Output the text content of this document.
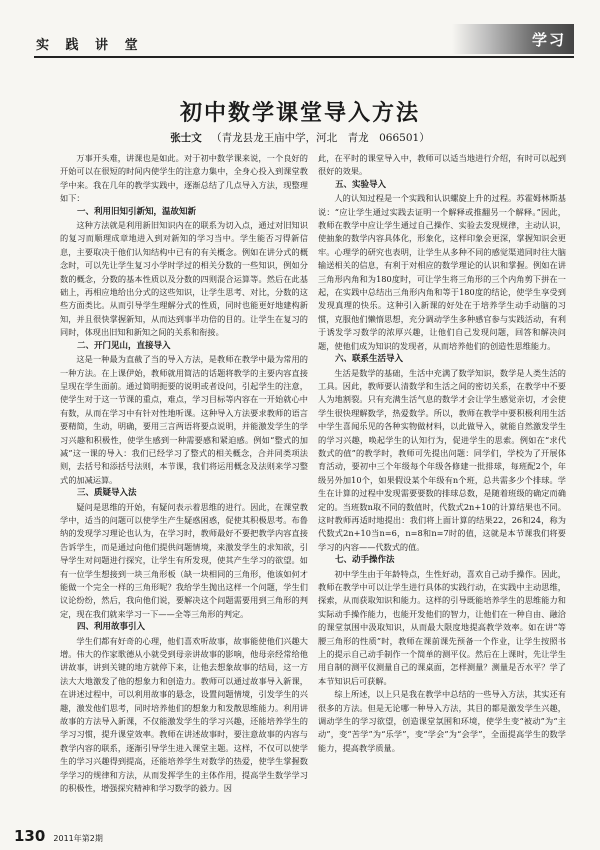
实 践 讲 堂	学习
初中数学课堂导入方法
张士文 （青龙县龙王庙中学，河北　青龙　066501）

万事开头难，讲课也是如此。对于初中数学课来说，一个良好的开始可以在很短的时间内使学生的注意力集中，全身心投入到课堂教学中来。我在几年的教学实践中，逐渐总结了几点导入方法，现整理如下：

一、利用旧知引新知，温故知新

这种方法就是利用新旧知识内在的联系为切入点，通过对旧知识的复习而顺理成章地进入到对新知的学习当中。学生能否习得新信息，主要取决于他们认知结构中已有的有关概念。例如在讲分式的概念时，可以先让学生复习小学时学过的相关分数的一些知识，例如分数的概念，分数的基本性质以及分数的四则混合运算等。然后在此基础上，再相应地给出分式的这些知识，让学生思考、对比，分数的这些方面类比。从而引导学生理解分式的性质，同时也能更好地建构新知，并且很快掌握新知，从而达到事半功倍的目的。让学生在复习的同时，体现出旧知和新知之间的关系和衔接。

二、开门见山，直接导入

这是一种最为直截了当的导入方法，是教师在教学中最为常用的一种方法。在上课伊始，教师就用简洁的话题将教学的主要内容直接呈现在学生面前。通过简明扼要的说明或者设问，引起学生的注意，使学生对于这一节课的重点，难点，学习目标等内容在一开始就心中有数，从而在学习中有针对性地听课。这种导入方法要求教师的语言要精简，生动，明确，要用三言两语将要点说明，并能激发学生的学习兴趣和积极性，使学生感到一种需要感和紧迫感。例如“整式的加减”这一课的导入：我们已经学习了整式的相关概念，合并同类项法则，去括号和添括号法则，本节课，我们将运用概念及法则来学习整式的加减运算。

三、质疑导入法

疑问是思维的开始，有疑问表示着思维的进行。因此，在课堂教学中，适当的问题可以使学生产生疑惑困惑，促使其积极思考。布鲁纳的发现学习理论也认为，在学习时，教师最好不要把教学内容直接告诉学生，而是通过向他们提供问题情境，来激发学生的求知欲，引导学生对问题进行探究，让学生有所发现，使其产生学习的欲望。如有一位学生想接到一块三角形板（缺一块相同的三角形，他该如何才能做一个完全一样的三角形呢？我给学生抛出这样一个问题，学生们议论纷纷，然后，我向他们说，要解决这个问题需要用到三角形的判定，现在我们就来学习一下——全等三角形的判定。

四、利用故事引入

学生们都有好奇的心理，他们喜欢听故事，故事能使他们兴趣大增。伟大的作家歌德从小就受到母亲讲故事的影响，他母亲经常给他讲故事，讲到关键的地方就停下来，让他去想象故事的结局，这一方法大大地激发了他的想象力和创造力。教师可以通过故事导入新课，在讲述过程中，可以利用故事的悬念，设置问题情境，引发学生的兴趣，激发他们思考，同时培养他们的想象力和发散思维能力。利用讲故事的方法导入新课，不仅能激发学生的学习兴趣，还能培养学生的学习习惯，提升课堂效率。教师在讲述故事时，要注意故事的内容与教学内容的联系，逐渐引导学生进入课堂主题。这样，不仅可以使学生的学习兴趣得到提高，还能培养学生对数学的热爱，使学生掌握数学学习的规律和方法，从而发挥学生的主体作用，提高学生数学学习的积极性，增强探究精神和学习数学的毅力。因

此，在平时的课堂导入中，教师可以适当地进行介绍，有时可以起到很好的效果。

五、实验导入

人的认知过程是一个实践和认识螺旋上升的过程。苏霍姆林斯基说：“应让学生通过实践去证明一个解释或推翻另一个解释。”因此，教师在教学中应让学生通过自己操作、实验去发现规律，主动认识，使抽象的数学内容具体化，形象化，这样印象会更深，掌握知识会更牢。心理学的研究也表明，让学生从多种不同的感觉渠道同时往大脑输送相关的信息，有利于对相应的数学理论的认识和掌握。例如在讲三角形内角和为180度时，可让学生将三角形的三个内角剪下拼在一起，在实践中总结出三角形内角和等于180度的结论，使学生享受到发现真理的快乐。这种引入新课的好处在于培养学生动手动脑的习惯，克服他们懒惰思想，充分调动学生多种感官参与实践活动，有利于诱发学习数学的浓厚兴趣，让他们自己发现问题，回答和解决问题，使他们成为知识的发现者，从而培养他们的创造性思维能力。

六、联系生活导入

生活是数学的基础，生活中充满了数学知识，数学是人类生活的工具。因此，教师要认清数学和生活之间的密切关系，在教学中不要人为地割裂。只有充满生活气息的数学才会让学生感觉亲切，才会使学生很快理解数学，热爱数学。所以，教师在教学中要积极利用生活中学生喜闻乐见的各种实物做材料，以此做导入，就能自然激发学生的学习兴趣，唤起学生的认知行为，促进学生的思索。例如在“求代数式的值”的教学时，教师可先提出问题：同学们，学校为了开展体育活动，要初中三个年级每个年级各修建一批排球，每班配2个，年级另外加10个，如果假设某个年级有n个班，总共需多少个排球。学生在计算的过程中发现需要要数的排球总数，是随着班级的确定而确定的。当班数n取不同的数值时，代数式2n+10的计算结果也不同。这时教师再适时地提出：我们将上面计算的结果22，26和24，称为代数式2n+10当n=6，n=8和n=7时的值，这就是本节课我们将要学习的内容——代数式的值。

七、动手操作法

初中学生由于年龄特点，生性好动，喜欢自己动手操作。因此，教师在教学中可以让学生进行具体的实践行动，在实践中主动思维，探索，从而获取知识和能力。这样的引导既能培养学生的思维能力和实际动手操作能力，也能开发他们的智力，让他们在一种自由、融洽的课堂氛围中汲取知识，从而最大限度地提高教学效率。如在讲“等腰三角形的性质”时，教师在课前课先预备一个作业，让学生按照书上的提示自己动手制作一个简单的测平仪。然后在上课时，先让学生用自制的测平仪测量自己的课桌面，怎样测量？测量是否水平？学了本节知识后可获解。

综上所述，以上只是我在教学中总结的一些导入方法，其实还有很多的方法。但是无论哪一种导入方法，其目的都是激发学生兴趣，调动学生的学习欲望，创造课堂氛围和环境，使学生变“被动”为“主动”，变“苦学”为“乐学”，变“学会”为“会学”，全面提高学生的数学能力，提高教学质量。

130 2011年第2期
